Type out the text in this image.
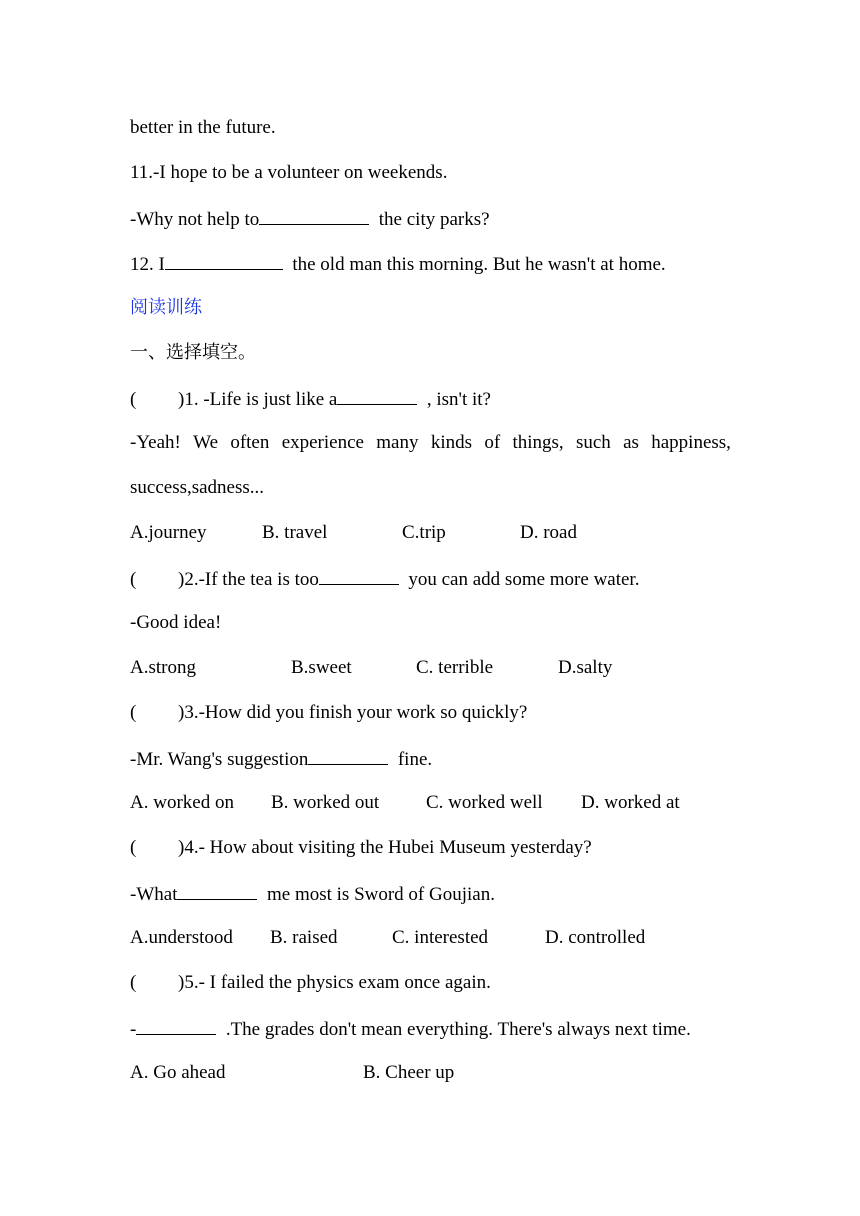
better in the future.
11.-I hope to be a volunteer on weekends.
-Why not help to	the city parks?
12. I	the old man this morning. But he wasn't at home.
阅读训练
一、选择填空。
( )1. -Life is just like a	, isn't it?
-Yeah! We often experience many kinds of things, such as happiness,
success,sadness...
A.journey	B. travel	C.trip	D. road
( )2.-If the tea is too	you can add some more water.
-Good idea!
A.strong	B.sweet	C. terrible	D.salty
( )3.-How did you finish your work so quickly?
-Mr. Wang's suggestion	fine.
A. worked on B. worked out C. worked well D. worked at
( )4.- How about visiting the Hubei Museum yesterday?
-What	me most is Sword of Goujian.
A.understood B. raised	C. interested	D. controlled
( )5.- I failed the physics exam once again.
-	.The grades don't mean everything. There's always next time.
A. Go ahead	B. Cheer up
